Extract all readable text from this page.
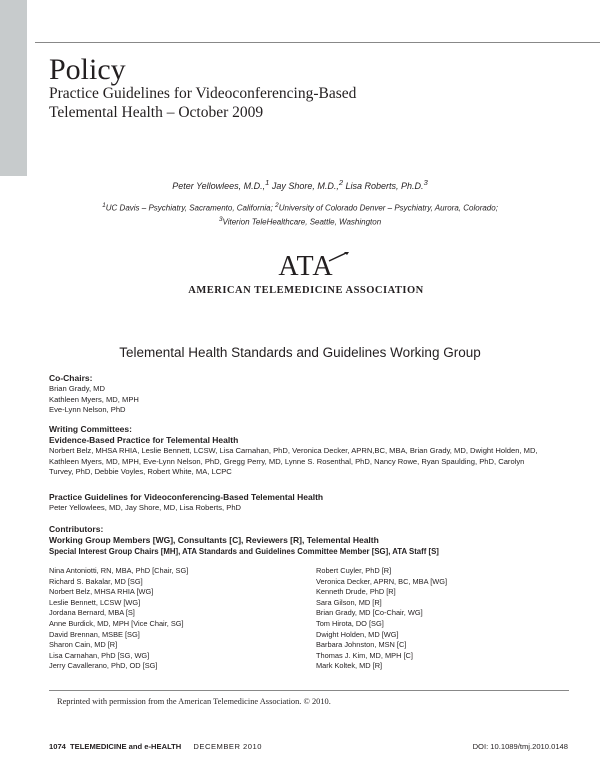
Policy
Practice Guidelines for Videoconferencing-Based
Telemental Health – October 2009
Peter Yellowlees, M.D.,$^1$ Jay Shore, M.D.,$^2$ Lisa Roberts, Ph.D.$^3$
$^1$UC Davis – Psychiatry, Sacramento, California; $^2$University of Colorado Denver – Psychiatry, Aurora, Colorado;
$^3$Viterion TeleHealthcare, Seattle, Washington
ATA
AMERICAN TELEMEDICINE ASSOCIATION
Telemental Health Standards and Guidelines Working Group
Co-Chairs:
Brian Grady, MD
Kathleen Myers, MD, MPH
Eve-Lynn Nelson, PhD
Writing Committees:
Evidence-Based Practice for Telemental Health
Norbert Belz, MHSA RHIA, Leslie Bennett, LCSW, Lisa Carnahan, PhD, Veronica Decker, APRN,BC, MBA, Brian Grady, MD, Dwight Holden, MD,
Kathleen Myers, MD, MPH, Eve-Lynn Nelson, PhD, Gregg Perry, MD, Lynne S. Rosenthal, PhD, Nancy Rowe, Ryan Spaulding, PhD, Carolyn
Turvey, PhD, Debbie Voyles, Robert White, MA, LCPC
Practice Guidelines for Videoconferencing-Based Telemental Health
Peter Yellowlees, MD, Jay Shore, MD, Lisa Roberts, PhD
Contributors:
Working Group Members [WG], Consultants [C], Reviewers [R], Telemental Health
Special Interest Group Chairs [MH], ATA Standards and Guidelines Committee Member [SG], ATA Staff [S]
Nina Antoniotti, RN, MBA, PhD [Chair, SG]
Richard S. Bakalar, MD [SG]
Norbert Belz, MHSA RHIA [WG]
Leslie Bennett, LCSW [WG]
Jordana Bernard, MBA [S]
Anne Burdick, MD, MPH [Vice Chair, SG]
David Brennan, MSBE [SG]
Sharon Cain, MD [R]
Lisa Carnahan, PhD [SG, WG]
Jerry Cavallerano, PhD, OD [SG]
Robert Cuyler, PhD [R]
Veronica Decker, APRN, BC, MBA [WG]
Kenneth Drude, PhD [R]
Sara Gilson, MD [R]
Brian Grady, MD [Co-Chair, WG]
Tom Hirota, DO [SG]
Dwight Holden, MD [WG]
Barbara Johnston, MSN [C]
Thomas J. Kim, MD, MPH [C]
Mark Koltek, MD [R]
Reprinted with permission from the American Telemedicine Association. © 2010.
1074 TELEMEDICINE and e-HEALTH DECEMBER 2010	DOI: 10.1089/tmj.2010.0148
